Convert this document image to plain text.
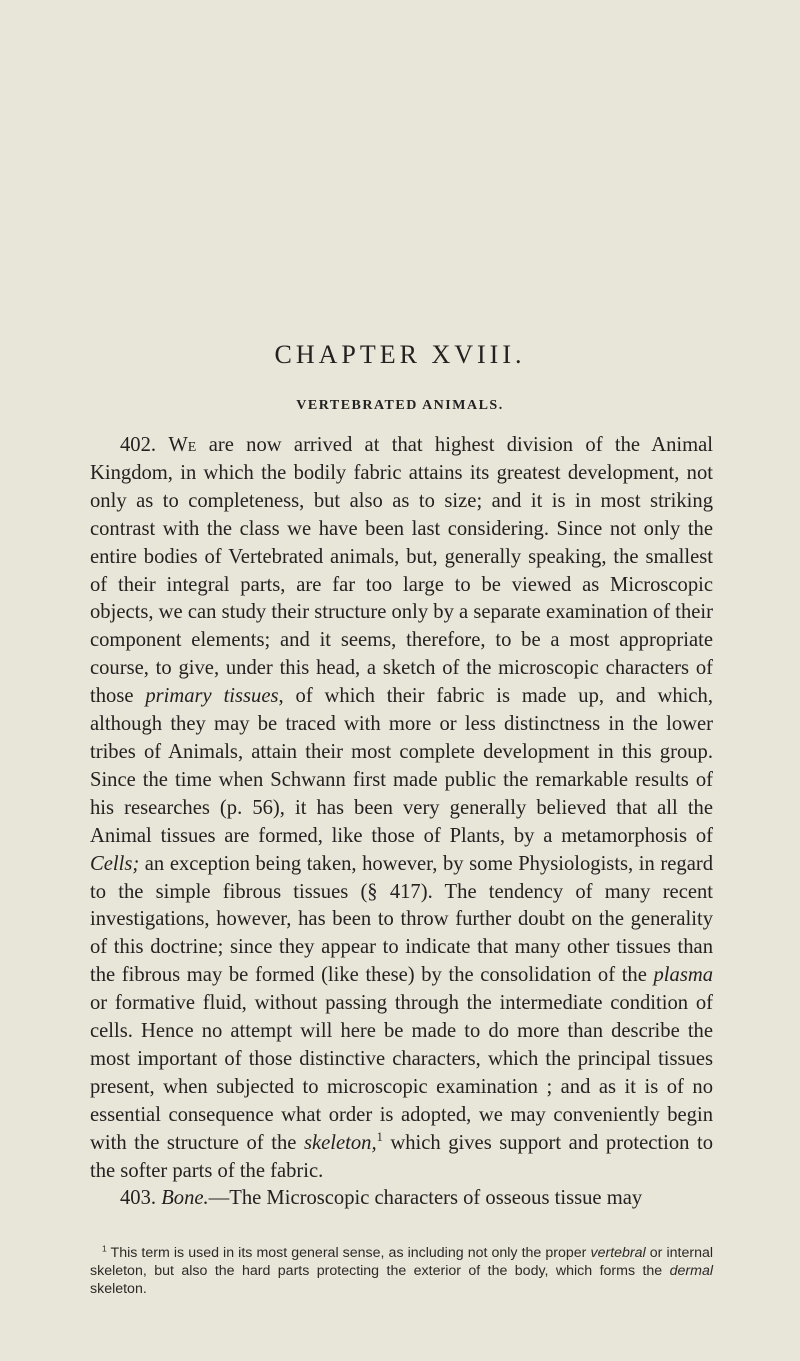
CHAPTER XVIII.
VERTEBRATED ANIMALS.

402. We are now arrived at that highest division of the Animal Kingdom, in which the bodily fabric attains its greatest development, not only as to completeness, but also as to size; and it is in most striking contrast with the class we have been last considering. Since not only the entire bodies of Vertebrated animals, but, generally speaking, the smallest of their integral parts, are far too large to be viewed as Microscopic objects, we can study their structure only by a separate examination of their component elements; and it seems, therefore, to be a most appropriate course, to give, under this head, a sketch of the microscopic characters of those primary tissues, of which their fabric is made up, and which, although they may be traced with more or less distinctness in the lower tribes of Animals, attain their most complete development in this group. Since the time when Schwann first made public the remarkable results of his researches (p. 56), it has been very generally believed that all the Animal tissues are formed, like those of Plants, by a metamorphosis of Cells; an exception being taken, however, by some Physiologists, in regard to the simple fibrous tissues (§ 417). The tendency of many recent investigations, however, has been to throw further doubt on the generality of this doctrine; since they appear to indicate that many other tissues than the fibrous may be formed (like these) by the consolidation of the plasma or formative fluid, without passing through the intermediate condition of cells. Hence no attempt will here be made to do more than describe the most important of those distinctive characters, which the principal tissues present, when subjected to microscopic examination ; and as it is of no essential consequence what order is adopted, we may conveniently begin with the structure of the skeleton,$^1$ which gives support and protection to the softer parts of the fabric.

403. Bone.—The Microscopic characters of osseous tissue may

$^1$ This term is used in its most general sense, as including not only the proper vertebral or internal skeleton, but also the hard parts protecting the exterior of the body, which forms the dermal skeleton.
